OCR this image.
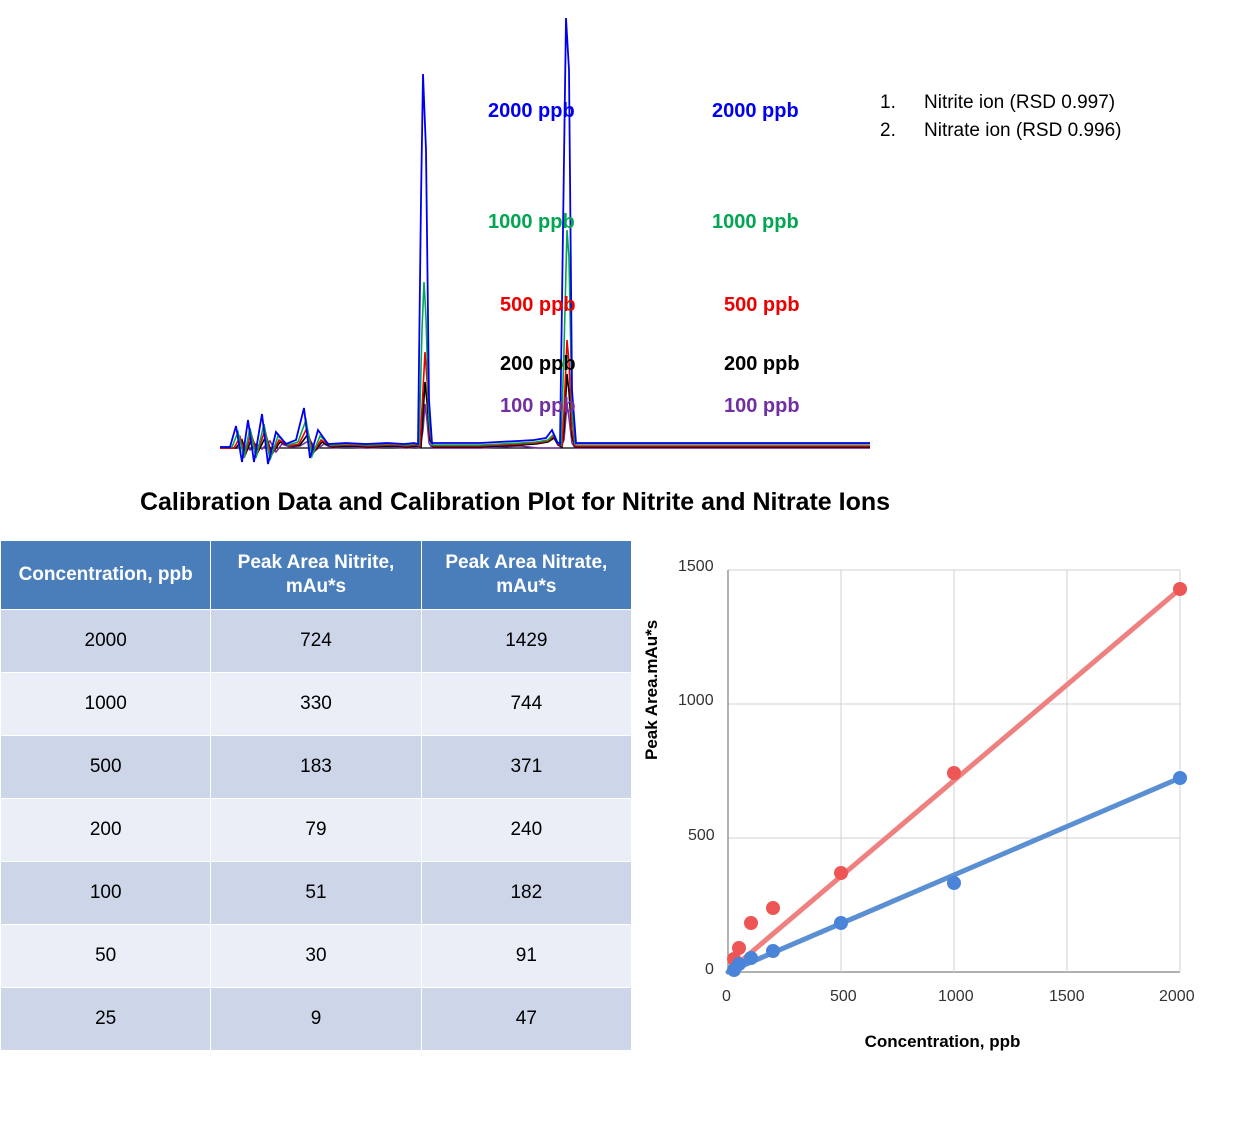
2000 ppb
1000 ppb
500 ppb
200 ppb
100 ppb
2000 ppb
1000 ppb
500 ppb
200 ppb
100 ppb
1.	Nitrite ion (RSD 0.997)
2.	Nitrate ion (RSD 0.996)
Calibration Data and Calibration Plot for Nitrite and Nitrate Ions
Concentration, ppb	Peak Area Nitrite, mAu*s	Peak Area Nitrate, mAu*s
2000	724	1429
1000	330	744
500	183	371
200	79	240
100	51	182
50	30	91
25	9	47
Peak Area.mAu*s
Concentration, ppb
1500
1000
500
0
0	500	1000	1500	2000
